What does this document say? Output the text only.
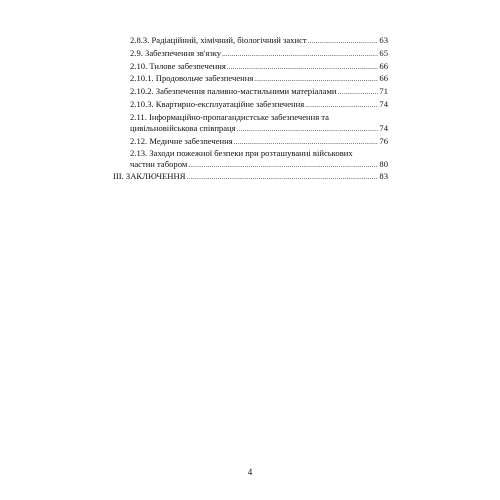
2.8.3. Радіаційний, хімічний, біологічний захист .....	63
2.9. Забезпечення зв'язку .....	65
2.10. Тилове забезпечення .....	66
2.10.1. Продовольче забезпечення .....	66
2.10.2. Забезпечення паливно-мастильними матеріалами .....	71
2.10.3. Квартирно-експлуатаційне забезпечення .....	74
2.11. Інформаційно-пропагандистське забезпечення та
цивільновійськова співпраця .....	74
2.12. Медичне забезпечення .....	76
2.13. Заходи пожежної безпеки при розташуванні військових
частин табором .....	80
III. ЗАКЛЮЧЕННЯ .....	83
4
